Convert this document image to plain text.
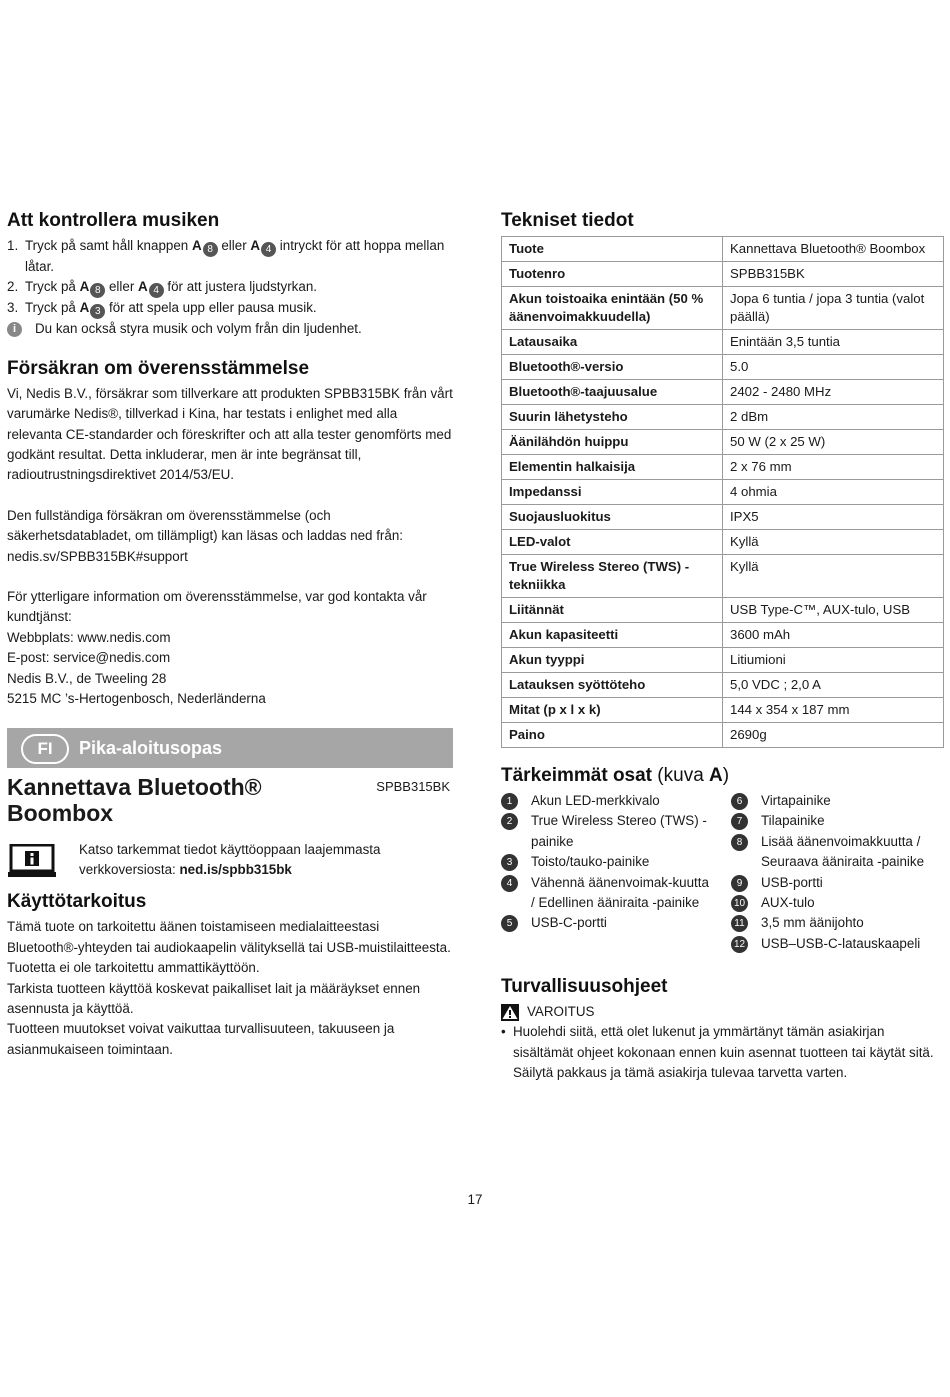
Att kontrollera musiken
1. Tryck på samt håll knappen A 8 eller A 4 intryckt för att hoppa mellan låtar.
2. Tryck på A 8 eller A 4 för att justera ljudstyrkan.
3. Tryck på A 3 för att spela upp eller pausa musik.
i	Du kan också styra musik och volym från din ljudenhet.
Försäkran om överensstämmelse

Vi, Nedis B.V., försäkrar som tillverkare att produkten SPBB315BK från vårt varumärke Nedis®, tillverkad i Kina, har testats i enlighet med alla relevanta CE-standarder och föreskrifter och att alla tester genomförts med godkänt resultat. Detta inkluderar, men är inte begränsat till, radioutrustningsdirektivet 2014/53/EU.

Den fullständiga försäkran om överensstämmelse (och säkerhetsdatabladet, om tillämpligt) kan läsas och laddas ned från: nedis.sv/SPBB315BK#support

För ytterligare information om överensstämmelse, var god kontakta vår kundtjänst:

Webbplats: www.nedis.com

E-post: service@nedis.com

Nedis B.V., de Tweeling 28

5215 MC ’s-Hertogenbosch, Nederländerna

FI	Pika-aloitusopas
Kannettava Bluetooth®
Boombox
SPBB315BK
Katso tarkemmat tiedot käyttöoppaan laajemmasta verkkoversiosta: ned.is/spbb315bk
Käyttötarkoitus

Tämä tuote on tarkoitettu äänen toistamiseen medialaitteestasi Bluetooth®-yhteyden tai audiokaapelin välityksellä tai USB-muistilaitteesta.

Tuotetta ei ole tarkoitettu ammattikäyttöön.

Tarkista tuotteen käyttöä koskevat paikalliset lait ja määräykset ennen asennusta ja käyttöä.

Tuotteen muutokset voivat vaikuttaa turvallisuuteen, takuuseen ja asianmukaiseen toimintaan.

Tekniset tiedot
Tuote	Kannettava Bluetooth® Boombox
Tuotenro	SPBB315BK
Akun toistoaika enintään (50 % äänenvoimakkuudella)	Jopa 6 tuntia / jopa 3 tuntia (valot päällä)
Latausaika	Enintään 3,5 tuntia
Bluetooth®-versio	5.0
Bluetooth®-taajuusalue	2402 - 2480 MHz
Suurin lähetysteho	2 dBm
Äänilähdön huippu	50 W (2 x 25 W)
Elementin halkaisija	2 x 76 mm
Impedanssi	4 ohmia
Suojausluokitus	IPX5
LED-valot	Kyllä
True Wireless Stereo (TWS) -tekniikka	Kyllä
Liitännät	USB Type-C™, AUX-tulo, USB
Akun kapasiteetti	3600 mAh
Akun tyyppi	Litiumioni
Latauksen syöttöteho	5,0 VDC ; 2,0 A
Mitat (p x l x k)	144 x 354 x 187 mm
Paino	2690g
Tärkeimmät osat (kuva A)
1	Akun LED-merkkivalo
2	True Wireless Stereo (TWS) -painike
3	Toisto/tauko-painike
4	Vähennä äänenvoimak-kuutta / Edellinen ääniraita -painike
5	USB-C-portti
6	Virtapainike
7	Tilapainike
8	Lisää äänenvoimakkuutta / Seuraava ääniraita -painike
9	USB-portti
10 AUX-tulo
11 3,5 mm äänijohto
12 USB–USB-C-latauskaapeli
Turvallisuusohjeet
VAROITUS
• Huolehdi siitä, että olet lukenut ja ymmärtänyt tämän asiakirjan sisältämät ohjeet kokonaan ennen kuin asennat tuotteen tai käytät sitä. Säilytä pakkaus ja tämä asiakirja tulevaa tarvetta varten.
17
